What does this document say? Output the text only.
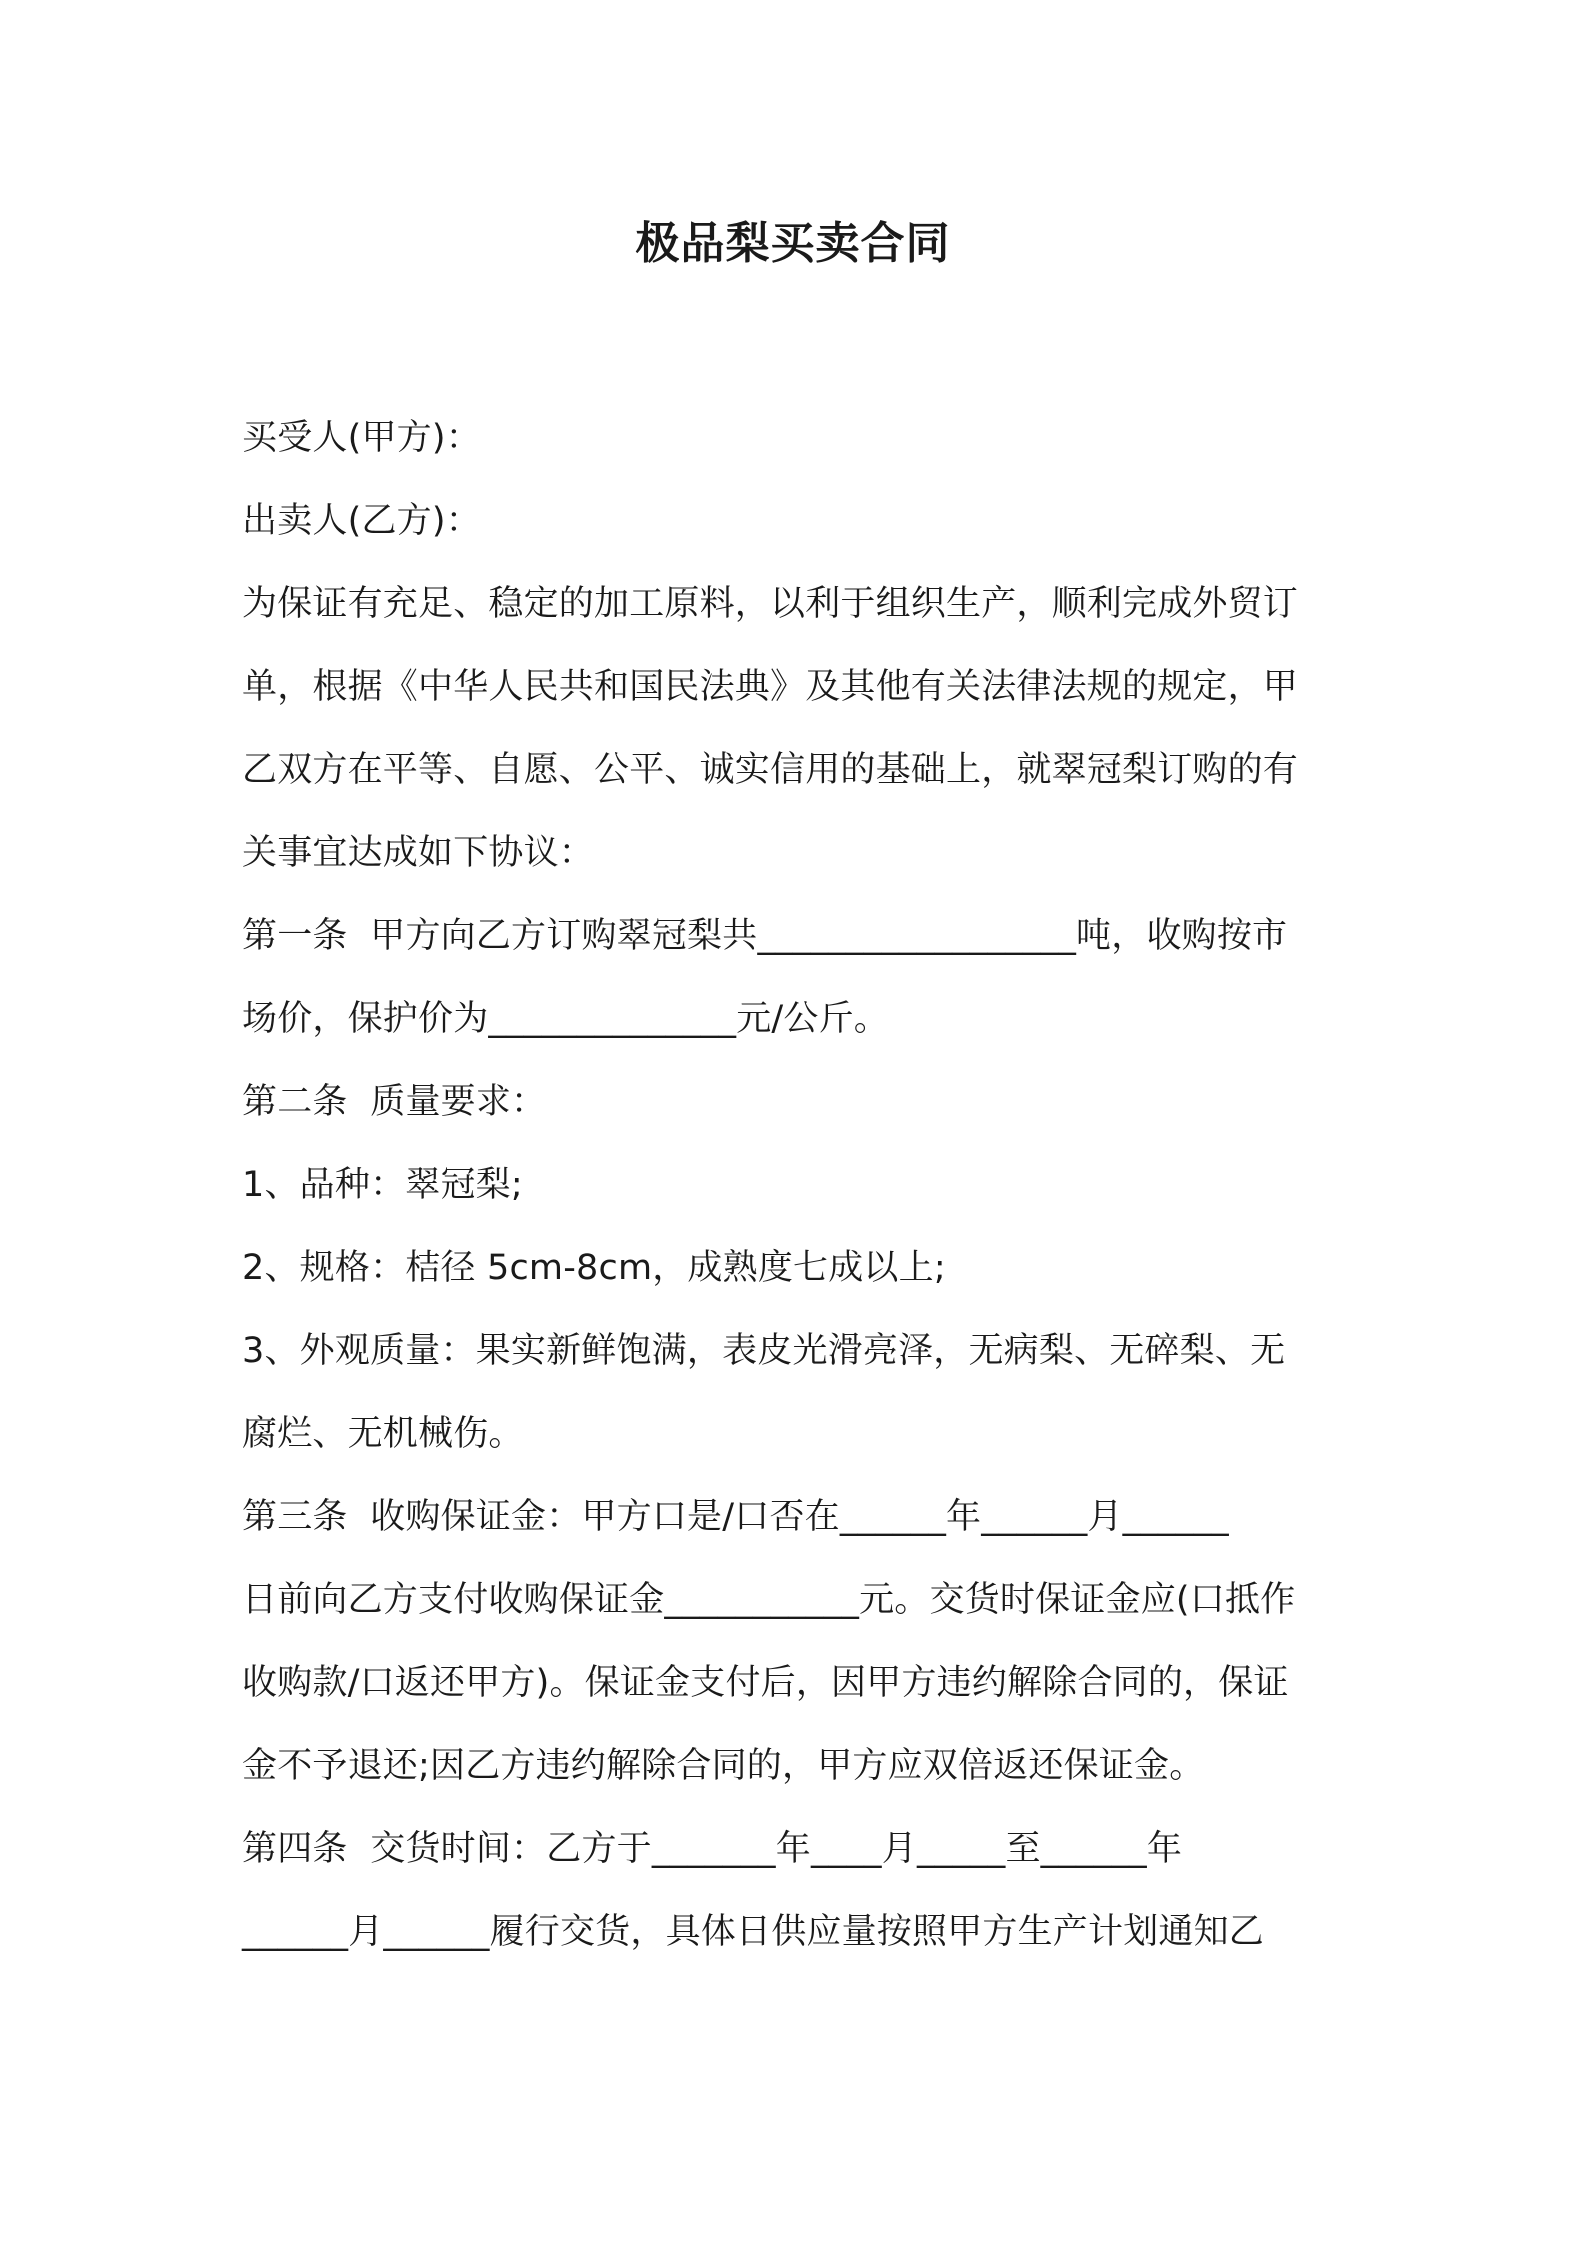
极品梨买卖合同
买受人(甲方)：
出卖人(乙方)：
为保证有充足、稳定的加工原料，以利于组织生产，顺利完成外贸订
单，根据《中华人民共和国民法典》及其他有关法律法规的规定，甲
乙双方在平等、自愿、公平、诚实信用的基础上，就翠冠梨订购的有
关事宜达成如下协议：
第一条  甲方向乙方订购翠冠梨共__________________吨，收购按市
场价，保护价为______________元/公斤。
第二条  质量要求：
1、品种：翠冠梨;
2、规格：桔径 5cm-8cm，成熟度七成以上;
3、外观质量：果实新鲜饱满，表皮光滑亮泽，无病梨、无碎梨、无
腐烂、无机械伤。
第三条  收购保证金：甲方口是/口否在______年______月______
日前向乙方支付收购保证金___________元。交货时保证金应(口抵作
收购款/口返还甲方)。保证金支付后，因甲方违约解除合同的，保证
金不予退还;因乙方违约解除合同的，甲方应双倍返还保证金。
第四条  交货时间：乙方于_______年____月_____至______年
______月______履行交货，具体日供应量按照甲方生产计划通知乙
